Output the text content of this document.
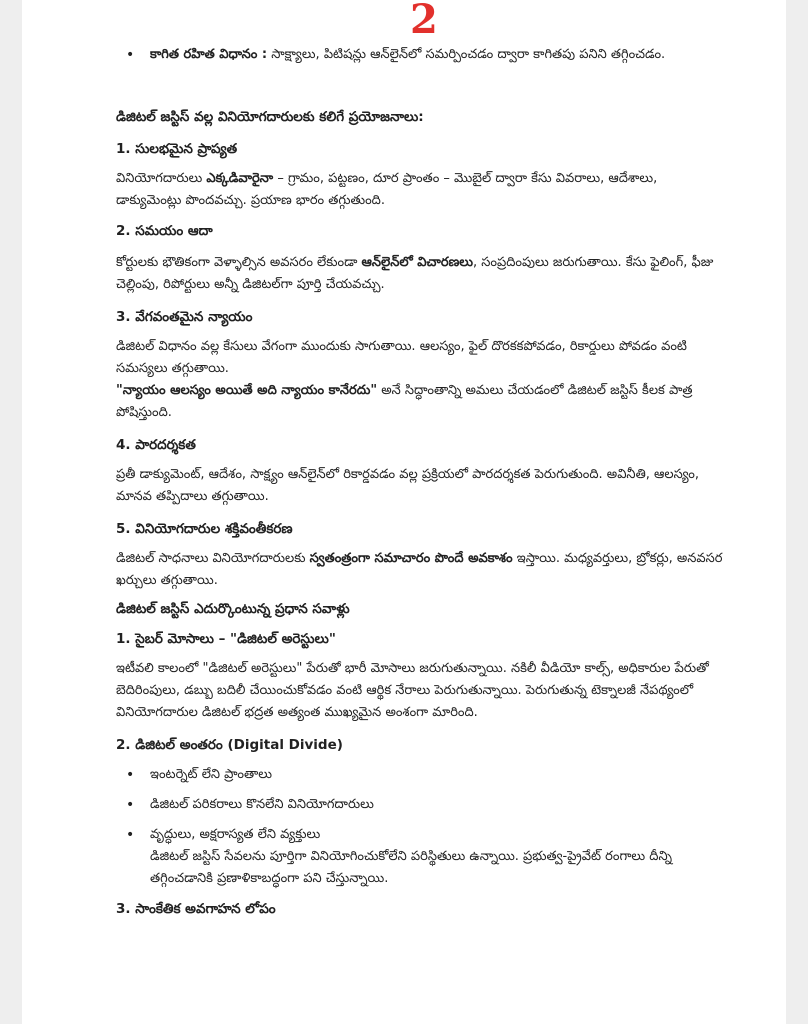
2

• కాగిత రహిత విధానం : సాక్ష్యాలు, పిటిషన్లు ఆన్‌లైన్‌లో సమర్పించడం ద్వారా కాగితపు పనిని తగ్గించడం.

డిజిటల్ జస్టిస్ వల్ల వినియోగదారులకు కలిగే ప్రయోజనాలు:

1. సులభమైన ప్రాప్యత

వినియోగదారులు ఎక్కడివారైనా – గ్రామం, పట్టణం, దూర ప్రాంతం – మొబైల్ ద్వారా కేసు వివరాలు, ఆదేశాలు, డాక్యుమెంట్లు పొందవచ్చు. ప్రయాణ భారం తగ్గుతుంది.

2. సమయం ఆదా

కోర్టులకు భౌతికంగా వెళ్ళాల్సిన అవసరం లేకుండా ఆన్‌లైన్‌లో విచారణలు, సంప్రదింపులు జరుగుతాయి. కేసు ఫైలింగ్, ఫీజు చెల్లింపు, రిపోర్టులు అన్నీ డిజిటల్‌గా పూర్తి చేయవచ్చు.

3. వేగవంతమైన న్యాయం

డిజిటల్ విధానం వల్ల కేసులు వేగంగా ముందుకు సాగుతాయి. ఆలస్యం, ఫైల్ దొరకకపోవడం, రికార్డులు పోవడం వంటి సమస్యలు తగ్గుతాయి.
"న్యాయం ఆలస్యం అయితే అది న్యాయం కానేరదు" అనే సిద్ధాంతాన్ని అమలు చేయడంలో డిజిటల్ జస్టిస్ కీలక పాత్ర పోషిస్తుంది.

4. పారదర్శకత

ప్రతీ డాక్యుమెంట్, ఆదేశం, సాక్ష్యం ఆన్‌లైన్‌లో రికార్డవడం వల్ల ప్రక్రియలో పారదర్శకత పెరుగుతుంది. అవినీతి, ఆలస్యం, మానవ తప్పిదాలు తగ్గుతాయి.

5. వినియోగదారుల శక్తివంతీకరణ

డిజిటల్ సాధనాలు వినియోగదారులకు స్వతంత్రంగా సమాచారం పొందే అవకాశం ఇస్తాయి. మధ్యవర్తులు, బ్రోకర్లు, అనవసర ఖర్చులు తగ్గుతాయి.

డిజిటల్ జస్టిస్ ఎదుర్కొంటున్న ప్రధాన సవాళ్లు

1. సైబర్ మోసాలు – "డిజిటల్ అరెస్టులు"

ఇటీవలి కాలంలో "డిజిటల్ అరెస్టులు" పేరుతో భారీ మోసాలు జరుగుతున్నాయి. నకిలీ వీడియో కాల్స్, అధికారుల పేరుతో బెదిరింపులు, డబ్బు బదిలీ చేయించుకోవడం వంటి ఆర్థిక నేరాలు పెరుగుతున్నాయి. పెరుగుతున్న టెక్నాలజీ నేపథ్యంలో వినియోగదారుల డిజిటల్ భద్రత అత్యంత ముఖ్యమైన అంశంగా మారింది.

2. డిజిటల్ అంతరం (Digital Divide)

• ఇంటర్నెట్ లేని ప్రాంతాలు

• డిజిటల్ పరికరాలు కొనలేని వినియోగదారులు

• వృద్ధులు, అక్షరాస్యత లేని వ్యక్తులు
డిజిటల్ జస్టిస్ సేవలను పూర్తిగా వినియోగించుకోలేని పరిస్థితులు ఉన్నాయి. ప్రభుత్వ-ప్రైవేట్ రంగాలు దీన్ని తగ్గించడానికి ప్రణాళికాబద్ధంగా పని చేస్తున్నాయి.

3. సాంకేతిక అవగాహన లోపం
